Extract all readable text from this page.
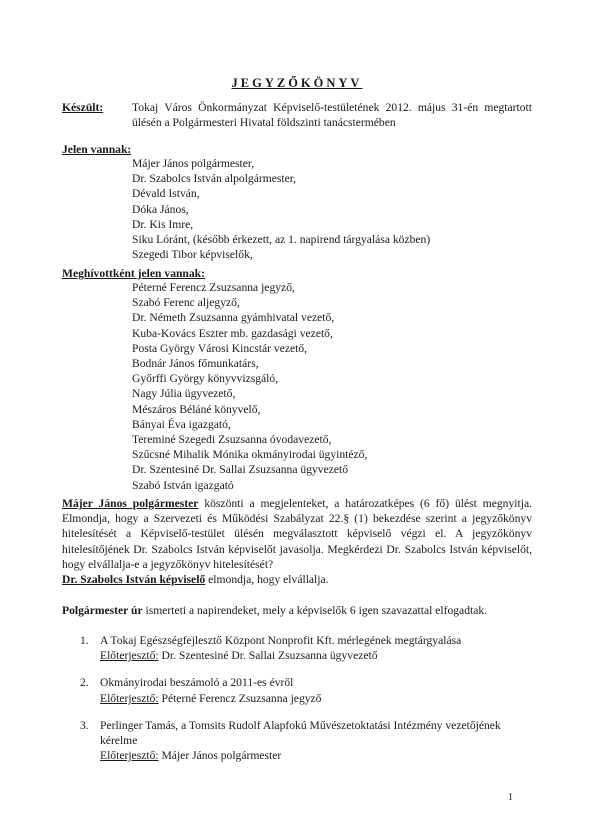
JEGYZŐKÖNYV
Készült: Tokaj Város Önkormányzat Képviselő-testületének 2012. május 31-én megtartott ülésén a Polgármesteri Hivatal földszinti tanácstermében
Jelen vannak:
Májer János polgármester,
Dr. Szabolcs István alpolgármester,
Dévald István,
Dóka János,
Dr. Kis Imre,
Siku Lóránt, (később érkezett, az 1. napirend tárgyalása közben)
Szegedi Tibor képviselők,
Meghívottként jelen vannak:
Péterné Ferencz Zsuzsanna jegyző,
Szabó Ferenc aljegyző,
Dr. Németh Zsuzsanna gyámhivatal vezető,
Kuba-Kovács Eszter mb. gazdasági vezető,
Posta György Városi Kincstár vezető,
Bodnár János főmunkatárs,
Győrffi György könyvvizsgáló,
Nagy Júlia ügyvezető,
Mészáros Béláné könyvelő,
Bányai Éva igazgató,
Tereminé Szegedi Zsuzsanna óvodavezető,
Szűcsné Mihalik Mónika okmányirodai ügyintéző,
Dr. Szentesiné Dr. Sallai Zsuzsanna ügyvezető
Szabó István igazgató

Májer János polgármester köszönti a megjelenteket, a határozatképes (6 fő) ülést megnyitja. Elmondja, hogy a Szervezeti és Működési Szabályzat 22.§ (1) bekezdése szerint a jegyzőkönyv hitelesítését a Képviselő-testület ülésén megválasztott képviselő végzi el. A jegyzőkönyv hitelesítőjének Dr. Szabolcs István képviselőt javasolja. Megkérdezi Dr. Szabolcs István képviselőt, hogy elvállalja-e a jegyzőkönyv hitelesítését?

Dr. Szabolcs István képviselő elmondja, hogy elvállalja.

Polgármester úr ismerteti a napirendeket, mely a képviselők 6 igen szavazattal elfogadtak.

1. A Tokaj Egészségfejlesztő Központ Nonprofit Kft. mérlegének megtárgyalása
Előterjesztő: Dr. Szentesiné Dr. Sallai Zsuzsanna ügyvezető
2. Okmányirodai beszámoló a 2011-es évről
Előterjesztő: Péterné Ferencz Zsuzsanna jegyző
3. Perlinger Tamás, a Tomsits Rudolf Alapfokú Művészetoktatási Intézmény vezetőjének kérelme
Előterjesztő: Májer János polgármester
1
